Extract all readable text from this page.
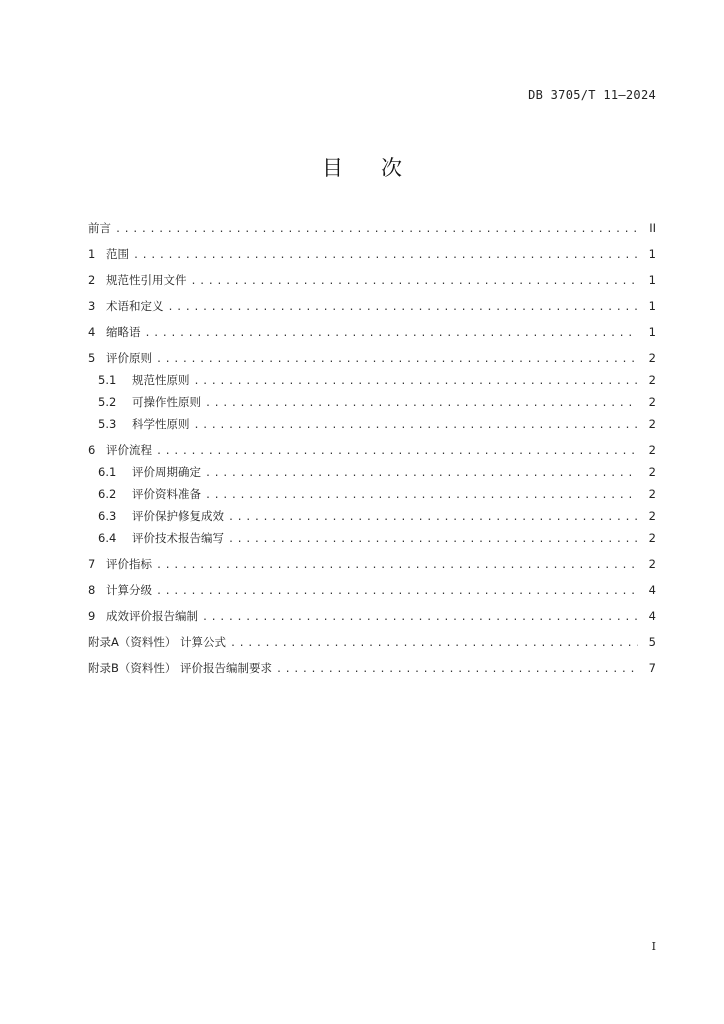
DB 3705/T 11—2024
目次
前言 .....	II
1 范围 .....	1
2 规范性引用文件 .....	1
3 术语和定义 .....	1
4 缩略语 .....	1
5 评价原则 .....	2
5.1	规范性原则 .....	2
5.2	可操作性原则 .....	2
5.3	科学性原则 .....	2
6 评价流程 .....	2
6.1	评价周期确定 .....	2
6.2	评价资料准备 .....	2
6.3	评价保护修复成效 .....	2
6.4	评价技术报告编写 .....	2
7 评价指标 .....	2
8 计算分级 .....	4
9 成效评价报告编制 .....	4
附录A（资料性） 计算公式 .....	5
附录B（资料性） 评价报告编制要求 .....	7
I
